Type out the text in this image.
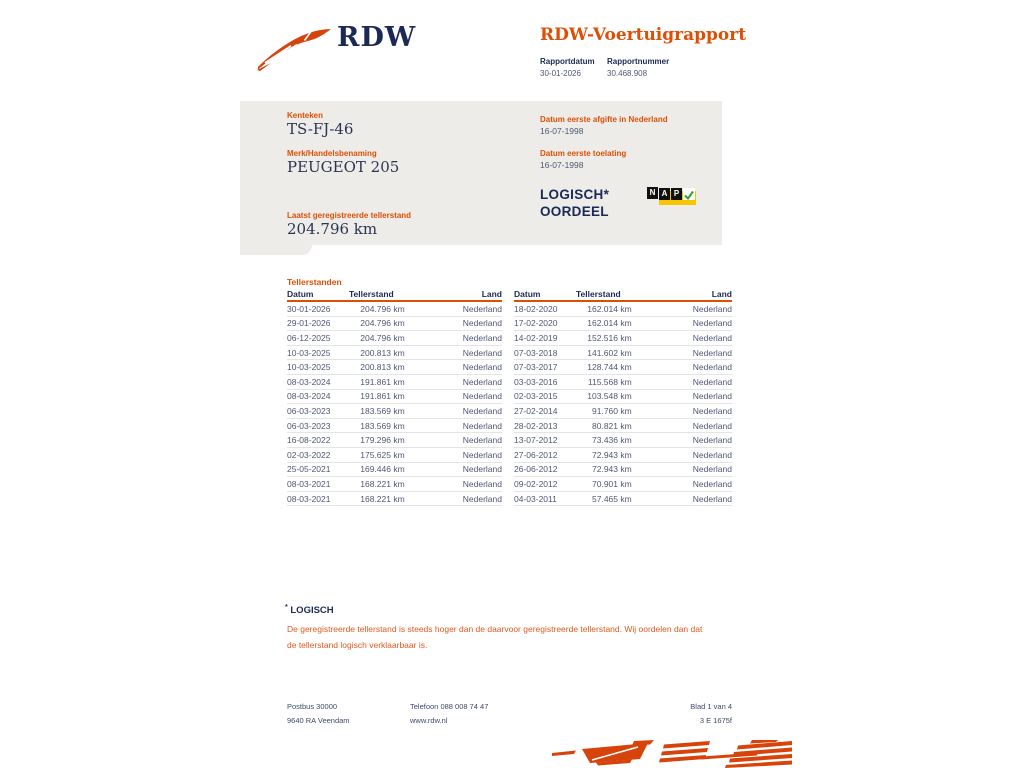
RDW	RDW-Voertuigrapport
Rapportdatum Rapportnummer
30-01-2026	30.468.908
Kenteken
TS-FJ-46
Merk/Handelsbenaming
PEUGEOT 205
Laatst geregistreerde tellerstand
204.796 km
Datum eerste afgifte in Nederland
16-07-1998
Datum eerste toelating
16-07-1998
LOGISCH*
OORDEEL
N A P
Tellerstanden
Datum	Tellerstand	Land
30-01-2026	204.796 km	Nederland
29-01-2026	204.796 km	Nederland
06-12-2025	204.796 km	Nederland
10-03-2025	200.813 km	Nederland
10-03-2025	200.813 km	Nederland
08-03-2024	191.861 km	Nederland
08-03-2024	191.861 km	Nederland
06-03-2023	183.569 km	Nederland
06-03-2023	183.569 km	Nederland
16-08-2022	179.296 km	Nederland
02-03-2022	175.625 km	Nederland
25-05-2021	169.446 km	Nederland
08-03-2021	168.221 km	Nederland
08-03-2021	168.221 km	Nederland
Datum	Tellerstand	Land
18-02-2020	162.014 km	Nederland
17-02-2020	162.014 km	Nederland
14-02-2019	152.516 km	Nederland
07-03-2018	141.602 km	Nederland
07-03-2017	128.744 km	Nederland
03-03-2016	115.568 km	Nederland
02-03-2015	103.548 km	Nederland
27-02-2014	91.760 km	Nederland
28-02-2013	80.821 km	Nederland
13-07-2012	73.436 km	Nederland
27-06-2012	72.943 km	Nederland
26-06-2012	72.943 km	Nederland
09-02-2012	70.901 km	Nederland
04-03-2011	57.465 km	Nederland
* LOGISCH
De geregistreerde tellerstand is steeds hoger dan de daarvoor geregistreerde tellerstand. Wij oordelen dan dat de tellerstand logisch verklaarbaar is.
Postbus 30000
9640 RA Veendam
Telefoon 088 008 74 47
www.rdw.nl
Blad 1 van 4
3 E 1675f
